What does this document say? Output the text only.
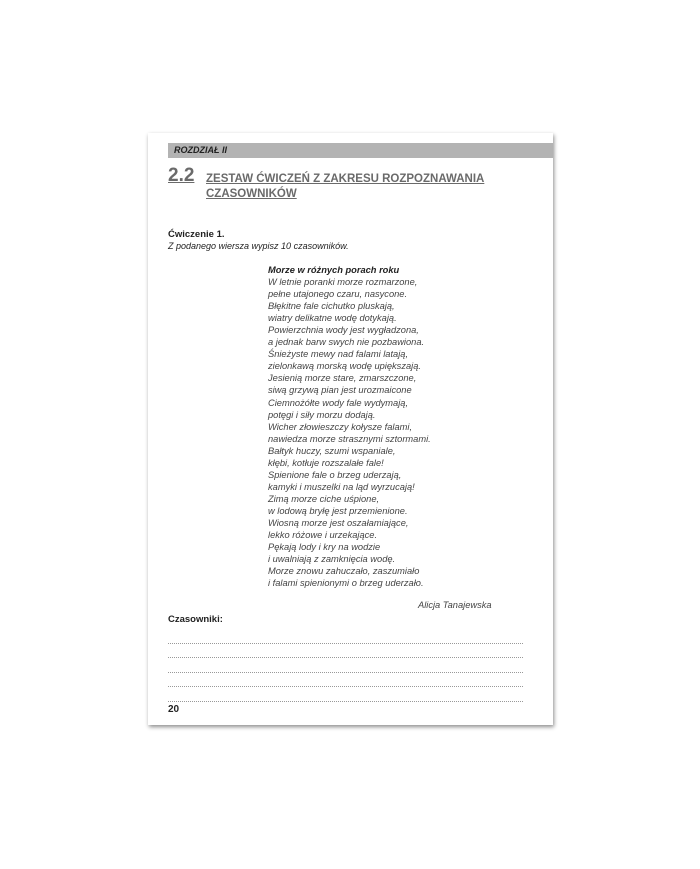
ROZDZIAŁ II
2.2 ZESTAW ĆWICZEŃ Z ZAKRESU ROZPOZNAWANIA
CZASOWNIKÓW
Ćwiczenie 1.
Z podanego wiersza wypisz 10 czasowników.
Morze w różnych porach roku
W letnie poranki morze rozmarzone,
pełne utajonego czaru, nasycone.
Błękitne fale cichutko pluskają,
wiatry delikatne wodę dotykają.
Powierzchnia wody jest wygładzona,
a jednak barw swych nie pozbawiona.
Śnieżyste mewy nad falami latają,
zielonkawą morską wodę upiększają.
Jesienią morze stare, zmarszczone,
siwą grzywą pian jest urozmaicone
Ciemnożółte wody fale wydymają,
potęgi i siły morzu dodają.
Wicher złowieszczy kołysze falami,
nawiedza morze strasznymi sztormami.
Bałtyk huczy, szumi wspaniale,
kłębi, kotłuje rozszalałe fale!
Spienione fale o brzeg uderzają,
kamyki i muszelki na ląd wyrzucają!
Zimą morze ciche uśpione,
w lodową bryłę jest przemienione.
Wiosną morze jest oszałamiające,
lekko różowe i urzekające.
Pękają lody i kry na wodzie
i uwalniają z zamknięcia wodę.
Morze znowu zahuczało, zaszumiało
i falami spienionymi o brzeg uderzało.
Alicja Tanajewska
Czasowniki:
20
